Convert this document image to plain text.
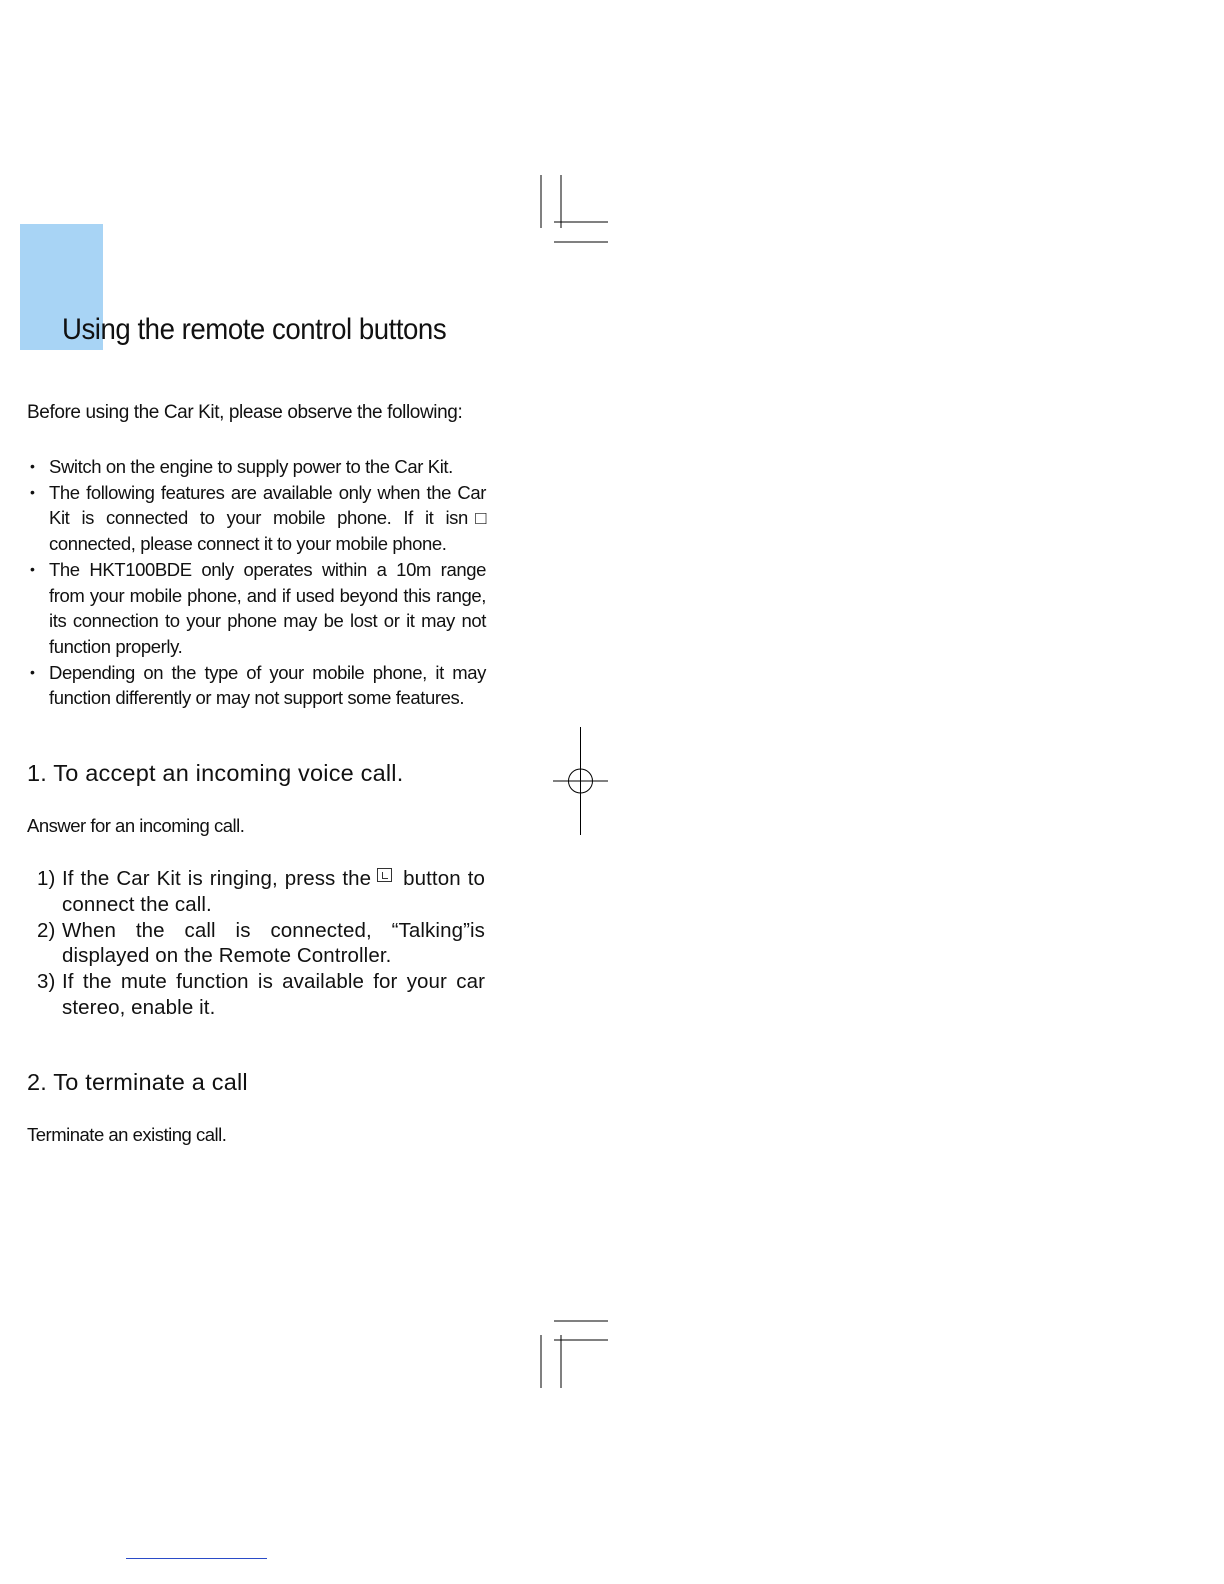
Using the remote control buttons

Before using the Car Kit, please observe the following:

• Switch on the engine to supply power to the Car Kit.
• The following features are available only when the Car Kit is connected to your mobile phone. If it isn□ connected, please connect it to your mobile phone.
• The HKT100BDE only operates within a 10m range from your mobile phone, and if used beyond this range, its connection to your phone may be lost or it may not function properly.
• Depending on the type of your mobile phone, it may function differently or may not support some features.
1. To accept an incoming voice call.

Answer for an incoming call.

1) If the Car Kit is ringing, press the button to connect the call.
2) When the call is connected, “Talking”is displayed on the Remote Controller.
3) If the mute function is available for your car stereo, enable it.
2. To terminate a call

Terminate an existing call.
